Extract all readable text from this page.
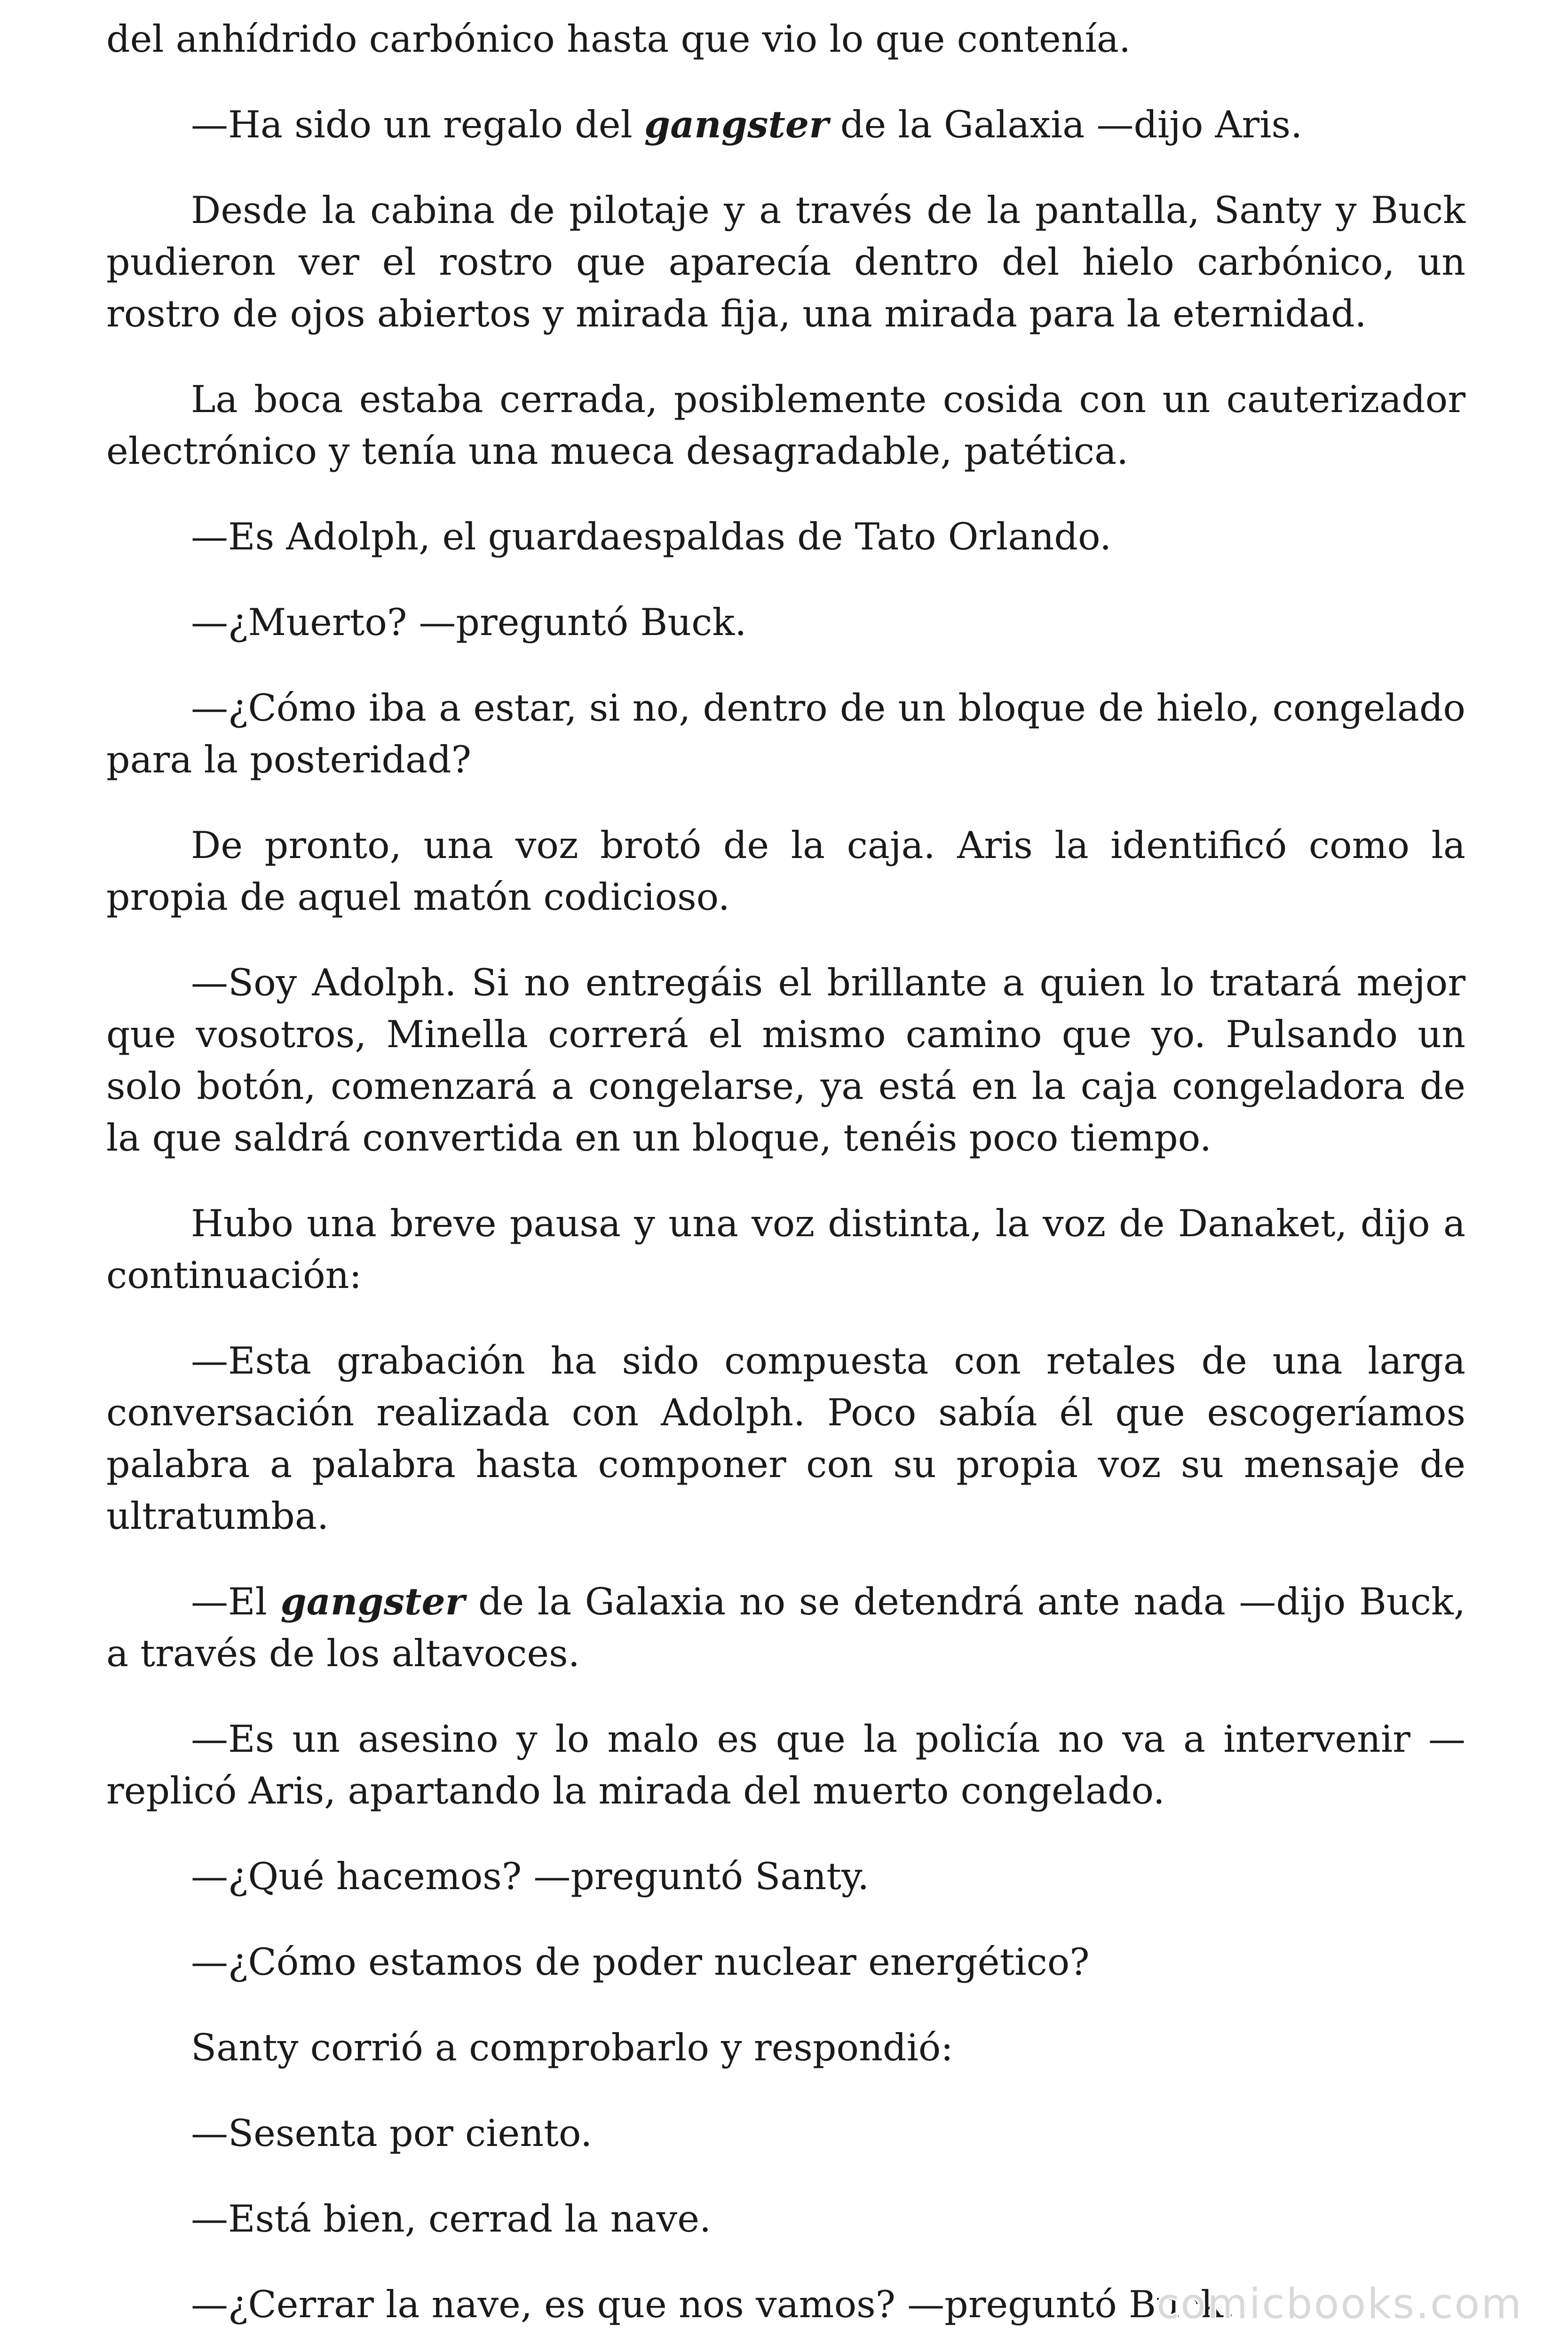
del anhídrido carbónico hasta que vio lo que contenía.

—Ha sido un regalo del gangster de la Galaxia —dijo Aris.

Desde la cabina de pilotaje y a través de la pantalla, Santy y Buck pudieron ver el rostro que aparecía dentro del hielo carbónico, un rostro de ojos abiertos y mirada fija, una mirada para la eternidad.

La boca estaba cerrada, posiblemente cosida con un cauterizador electrónico y tenía una mueca desagradable, patética.

—Es Adolph, el guardaespaldas de Tato Orlando.

—¿Muerto? —preguntó Buck.

—¿Cómo iba a estar, si no, dentro de un bloque de hielo, congelado para la posteridad?

De pronto, una voz brotó de la caja. Aris la identificó como la propia de aquel matón codicioso.

—Soy Adolph. Si no entregáis el brillante a quien lo tratará mejor que vosotros, Minella correrá el mismo camino que yo. Pulsando un solo botón, comenzará a congelarse, ya está en la caja congeladora de la que saldrá convertida en un bloque, tenéis poco tiempo.

Hubo una breve pausa y una voz distinta, la voz de Danaket, dijo a continuación:

—Esta grabación ha sido compuesta con retales de una larga conversación realizada con Adolph. Poco sabía él que escogeríamos palabra a palabra hasta componer con su propia voz su mensaje de ultratumba.

—El gangster de la Galaxia no se detendrá ante nada —dijo Buck, a través de los altavoces.

—Es un asesino y lo malo es que la policía no va a intervenir —replicó Aris, apartando la mirada del muerto congelado.

—¿Qué hacemos? —preguntó Santy.

—¿Cómo estamos de poder nuclear energético?

Santy corrió a comprobarlo y respondió:

—Sesenta por ciento.

—Está bien, cerrad la nave.

—¿Cerrar la nave, es que nos vamos? —preguntó Buck.

comicbooks.com
